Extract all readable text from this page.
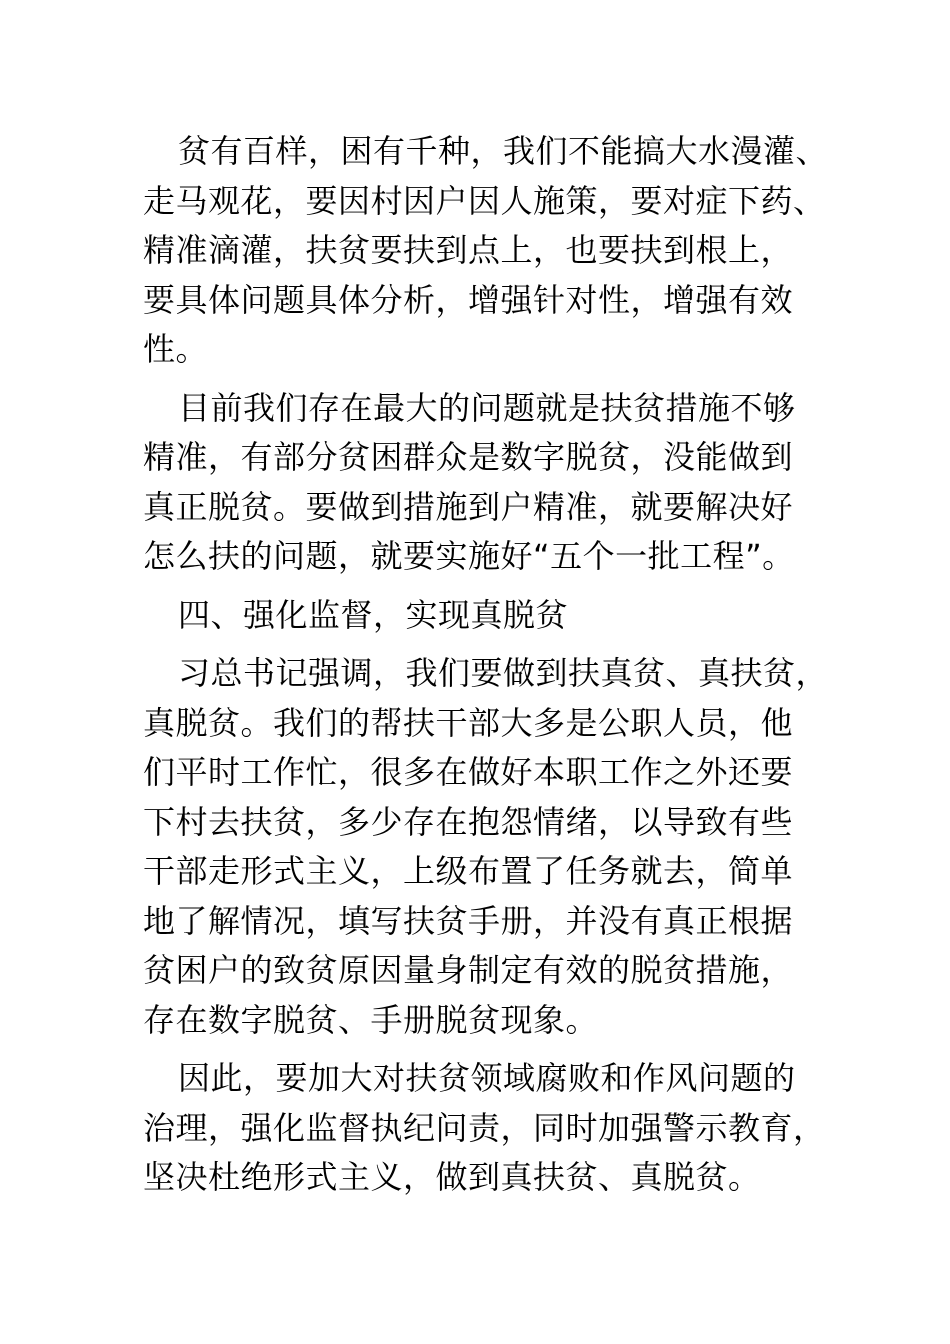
贫有百样，困有千种，我们不能搞大水漫灌、
走马观花，要因村因户因人施策，要对症下药、
精准滴灌，扶贫要扶到点上，也要扶到根上，
要具体问题具体分析，增强针对性，增强有效
性。
目前我们存在最大的问题就是扶贫措施不够
精准，有部分贫困群众是数字脱贫，没能做到
真正脱贫。要做到措施到户精准，就要解决好
怎么扶的问题，就要实施好“五个一批工程”。
四、强化监督，实现真脱贫
习总书记强调，我们要做到扶真贫、真扶贫，
真脱贫。我们的帮扶干部大多是公职人员，他
们平时工作忙，很多在做好本职工作之外还要
下村去扶贫，多少存在抱怨情绪，以导致有些
干部走形式主义，上级布置了任务就去，简单
地了解情况，填写扶贫手册，并没有真正根据
贫困户的致贫原因量身制定有效的脱贫措施，
存在数字脱贫、手册脱贫现象。
因此，要加大对扶贫领域腐败和作风问题的
治理，强化监督执纪问责，同时加强警示教育，
坚决杜绝形式主义，做到真扶贫、真脱贫。
